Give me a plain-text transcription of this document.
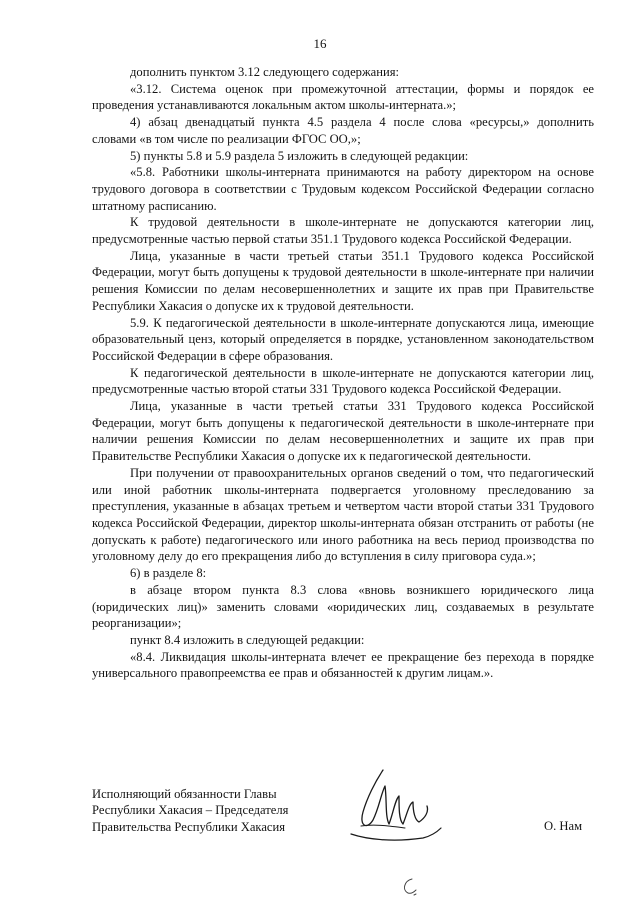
16

дополнить пунктом 3.12 следующего содержания:

«3.12. Система оценок при промежуточной аттестации, формы и порядок ее проведения устанавливаются локальным актом школы-интерната.»;

4) абзац двенадцатый пункта 4.5 раздела 4 после слова «ресурсы,» дополнить словами «в том числе по реализации ФГОС ОО,»;

5) пункты 5.8 и 5.9 раздела 5 изложить в следующей редакции:

«5.8. Работники школы-интерната принимаются на работу директором на основе трудового договора в соответствии с Трудовым кодексом Российской Федерации согласно штатному расписанию.

К трудовой деятельности в школе-интернате не допускаются категории лиц, предусмотренные частью первой статьи 351.1 Трудового кодекса Российской Федерации.

Лица, указанные в части третьей статьи 351.1 Трудового кодекса Российской Федерации, могут быть допущены к трудовой деятельности в школе-интернате при наличии решения Комиссии по делам несовершеннолетних и защите их прав при Правительстве Республики Хакасия о допуске их к трудовой деятельности.

5.9. К педагогической деятельности в школе-интернате допускаются лица, имеющие образовательный ценз, который определяется в порядке, установленном законодательством Российской Федерации в сфере образования.

К педагогической деятельности в школе-интернате не допускаются категории лиц, предусмотренные частью второй статьи 331 Трудового кодекса Российской Федерации.

Лица, указанные в части третьей статьи 331 Трудового кодекса Российской Федерации, могут быть допущены к педагогической деятельности в школе-интернате при наличии решения Комиссии по делам несовершеннолетних и защите их прав при Правительстве Республики Хакасия о допуске их к педагогической деятельности.

При получении от правоохранительных органов сведений о том, что педагогический или иной работник школы-интерната подвергается уголовному преследованию за преступления, указанные в абзацах третьем и четвертом части второй статьи 331 Трудового кодекса Российской Федерации, директор школы-интерната обязан отстранить от работы (не допускать к работе) педагогического или иного работника на весь период производства по уголовному делу до его прекращения либо до вступления в силу приговора суда.»;

6) в разделе 8:

в абзаце втором пункта 8.3 слова «вновь возникшего юридического лица (юридических лиц)» заменить словами «юридических лиц, создаваемых в результате реорганизации»;

пункт 8.4 изложить в следующей редакции:

«8.4. Ликвидация школы-интерната влечет ее прекращение без перехода в порядке универсального правопреемства ее прав и обязанностей к другим лицам.».

Исполняющий обязанности Главы
Республики Хакасия – Председателя
Правительства Республики Хакасия	О. Нам
